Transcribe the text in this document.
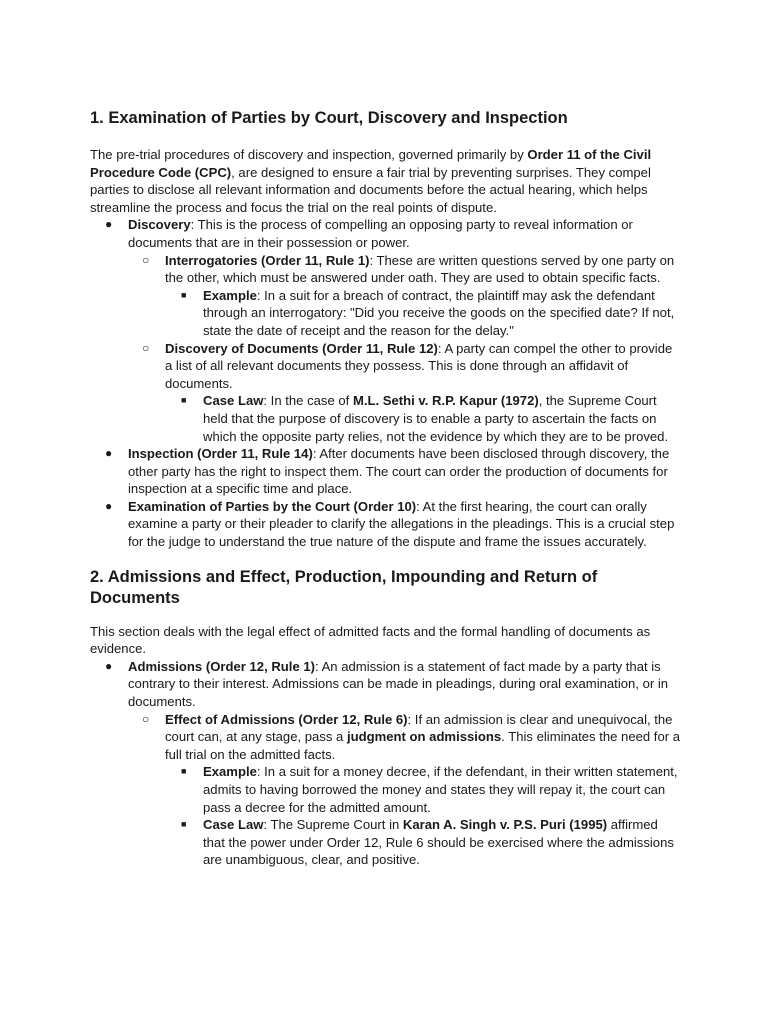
1. Examination of Parties by Court, Discovery and Inspection

The pre-trial procedures of discovery and inspection, governed primarily by Order 11 of the Civil Procedure Code (CPC), are designed to ensure a fair trial by preventing surprises. They compel parties to disclose all relevant information and documents before the actual hearing, which helps streamline the process and focus the trial on the real points of dispute.

● Discovery: This is the process of compelling an opposing party to reveal information or documents that are in their possession or power.
○ Interrogatories (Order 11, Rule 1): These are written questions served by one party on the other, which must be answered under oath. They are used to obtain specific facts.
■ Example: In a suit for a breach of contract, the plaintiff may ask the defendant through an interrogatory: "Did you receive the goods on the specified date? If not, state the date of receipt and the reason for the delay."
○ Discovery of Documents (Order 11, Rule 12): A party can compel the other to provide a list of all relevant documents they possess. This is done through an affidavit of documents.
■ Case Law: In the case of M.L. Sethi v. R.P. Kapur (1972), the Supreme Court held that the purpose of discovery is to enable a party to ascertain the facts on which the opposite party relies, not the evidence by which they are to be proved.
● Inspection (Order 11, Rule 14): After documents have been disclosed through discovery, the other party has the right to inspect them. The court can order the production of documents for inspection at a specific time and place.
● Examination of Parties by the Court (Order 10): At the first hearing, the court can orally examine a party or their pleader to clarify the allegations in the pleadings. This is a crucial step for the judge to understand the true nature of the dispute and frame the issues accurately.
2. Admissions and Effect, Production, Impounding and Return of Documents

This section deals with the legal effect of admitted facts and the formal handling of documents as evidence.

● Admissions (Order 12, Rule 1): An admission is a statement of fact made by a party that is contrary to their interest. Admissions can be made in pleadings, during oral examination, or in documents.
○ Effect of Admissions (Order 12, Rule 6): If an admission is clear and unequivocal, the court can, at any stage, pass a judgment on admissions. This eliminates the need for a full trial on the admitted facts.
■ Example: In a suit for a money decree, if the defendant, in their written statement, admits to having borrowed the money and states they will repay it, the court can pass a decree for the admitted amount.
■ Case Law: The Supreme Court in Karan A. Singh v. P.S. Puri (1995) affirmed that the power under Order 12, Rule 6 should be exercised where the admissions are unambiguous, clear, and positive.
